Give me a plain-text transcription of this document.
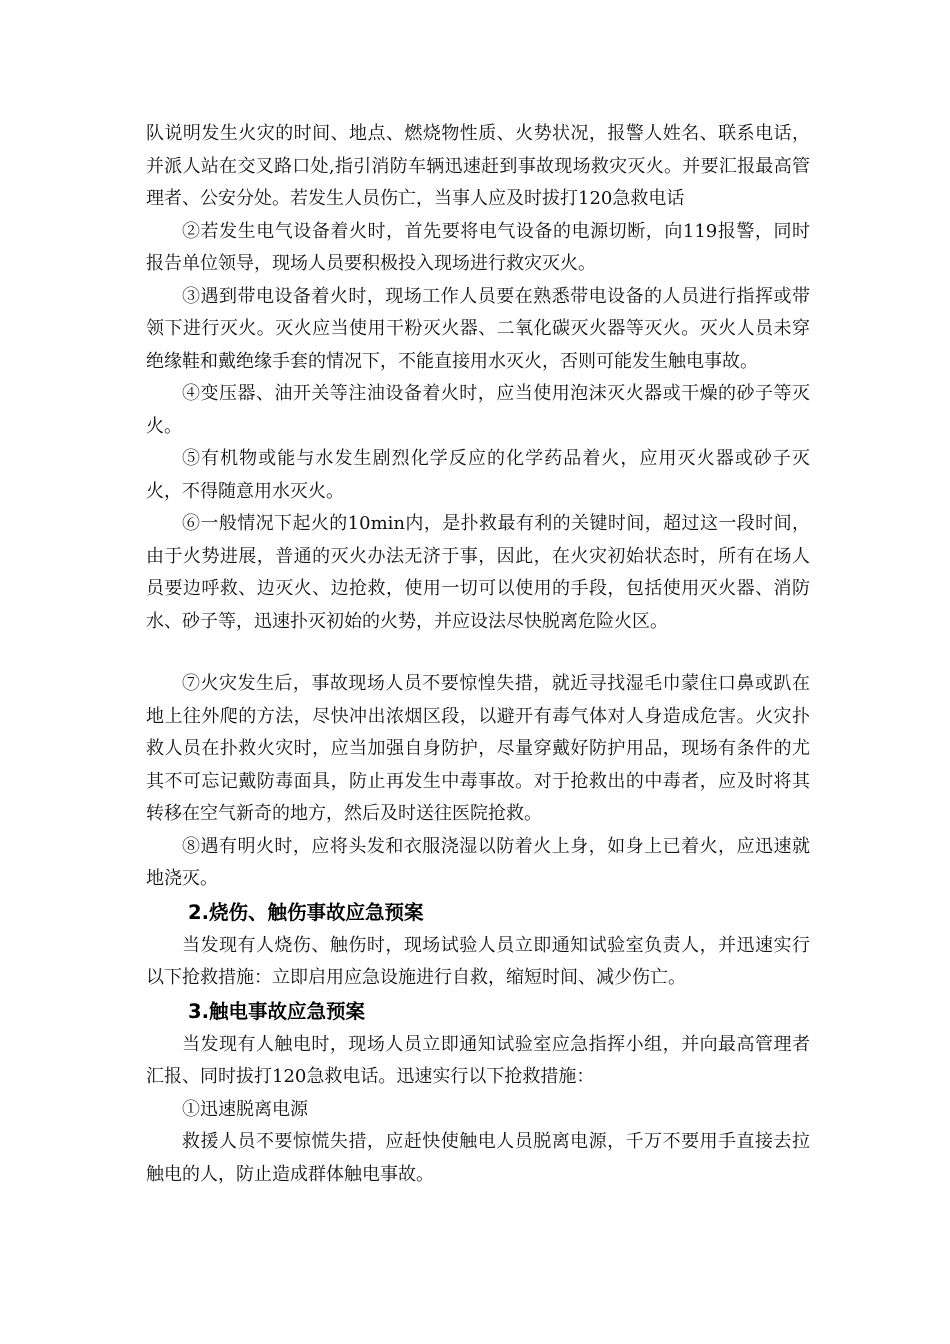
队说明发生火灾的时间、地点、燃烧物性质、火势状况，报警人姓名、联系电话，并派人站在交叉路口处,指引消防车辆迅速赶到事故现场救灾灭火。并要汇报最高管理者、公安分处。若发生人员伤亡，当事人应及时拔打120急救电话

②若发生电气设备着火时，首先要将电气设备的电源切断，向119报警，同时报告单位领导，现场人员要积极投入现场进行救灾灭火。

③遇到带电设备着火时，现场工作人员要在熟悉带电设备的人员进行指挥或带领下进行灭火。灭火应当使用干粉灭火器、二氧化碳灭火器等灭火。灭火人员未穿绝缘鞋和戴绝缘手套的情况下，不能直接用水灭火，否则可能发生触电事故。

④变压器、油开关等注油设备着火时，应当使用泡沫灭火器或干燥的砂子等灭火。

⑤有机物或能与水发生剧烈化学反应的化学药品着火，应用灭火器或砂子灭火，不得随意用水灭火。

⑥一般情况下起火的10min内，是扑救最有利的关键时间，超过这一段时间，由于火势进展，普通的灭火办法无济于事，因此，在火灾初始状态时，所有在场人员要边呼救、边灭火、边抢救，使用一切可以使用的手段，包括使用灭火器、消防水、砂子等，迅速扑灭初始的火势，并应设法尽快脱离危险火区。

⑦火灾发生后，事故现场人员不要惊惶失措，就近寻找湿毛巾蒙住口鼻或趴在地上往外爬的方法，尽快冲出浓烟区段，以避开有毒气体对人身造成危害。火灾扑救人员在扑救火灾时，应当加强自身防护，尽量穿戴好防护用品，现场有条件的尤其不可忘记戴防毒面具，防止再发生中毒事故。对于抢救出的中毒者，应及时将其转移在空气新奇的地方，然后及时送往医院抢救。

⑧遇有明火时，应将头发和衣服浇湿以防着火上身，如身上已着火，应迅速就地浇灭。

2.烧伤、触伤事故应急预案

当发现有人烧伤、触伤时，现场试验人员立即通知试验室负责人，并迅速实行以下抢救措施：立即启用应急设施进行自救，缩短时间、减少伤亡。

3.触电事故应急预案

当发现有人触电时，现场人员立即通知试验室应急指挥小组，并向最高管理者汇报、同时拔打120急救电话。迅速实行以下抢救措施：

①迅速脱离电源

救援人员不要惊慌失措，应赶快使触电人员脱离电源，千万不要用手直接去拉触电的人，防止造成群体触电事故。
